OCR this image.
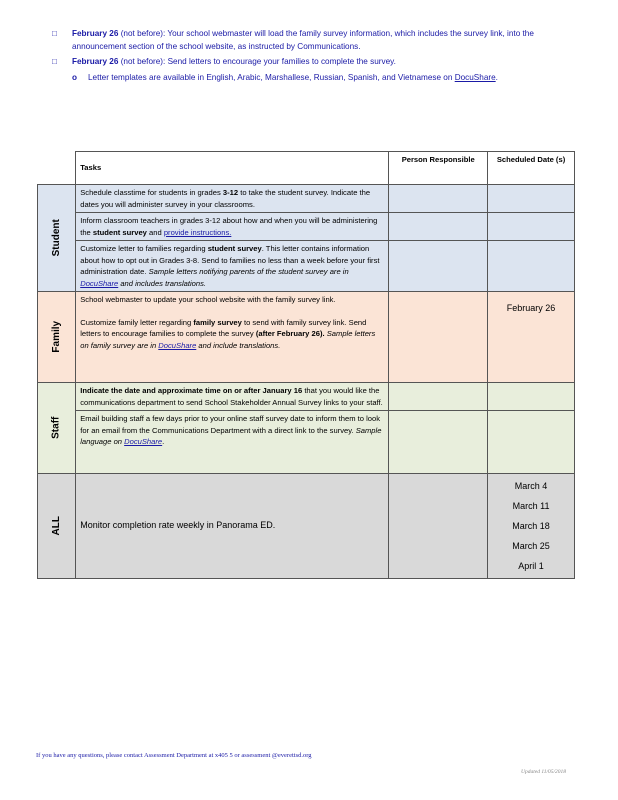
□ February 26 (not before): Your school webmaster will load the family survey information, which includes the survey link, into the announcement section of the school website, as instructed by Communications.
□ February 26 (not before): Send letters to encourage your families to complete the survey.
o Letter templates are available in English, Arabic, Marshallese, Russian, Spanish, and Vietnamese on DocuShare.
	Tasks	Person Responsible	Scheduled Date (s)
Student	Schedule classtime for students in grades 3-12 to take the student survey. Indicate the dates you will administer survey in your classrooms.		
	Inform classroom teachers in grades 3-12 about how and when you will be administering the student survey and provide instructions.		
	Customize letter to families regarding student survey. This letter contains information about how to opt out in Grades 3-8. Send to families no less than a week before your first administration date. Sample letters notifying parents of the student survey are in DocuShare and includes translations.		
Family	School webmaster to update your school website with the family survey link.
Customize family letter regarding family survey to send with family survey link. Send letters to encourage families to complete the survey (after February 26). Sample letters on family survey are in DocuShare and include translations.		February 26
Staff	Indicate the date and approximate time on or after January 16 that you would like the communications department to send School Stakeholder Annual Survey links to your staff.		
	Email building staff a few days prior to your online staff survey date to inform them to look for an email from the Communications Department with a direct link to the survey. Sample language on DocuShare.		
ALL	Monitor completion rate weekly in Panorama ED.		March 4
March 11
March 18
March 25
April 1
If you have any questions, please contact Assessment Department at x405 5 or assessment @everettsd.org
Updated 11/05/2018
